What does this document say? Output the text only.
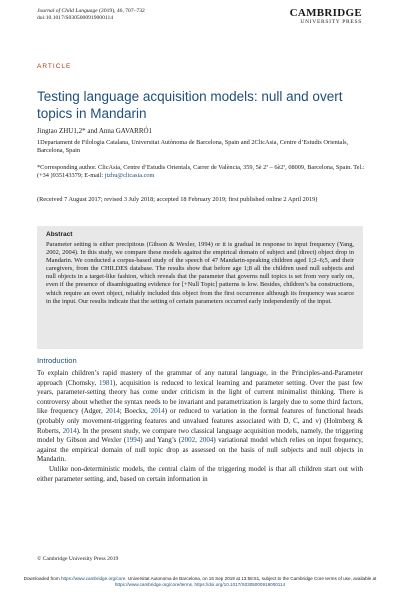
Journal of Child Language (2019), 46, 707–732
doi:10.1017/S0305000919000114	CAMBRIDGE
UNIVERSITY PRESS
ARTICLE
Testing language acquisition models: null and overt topics in Mandarin
Jingtao ZHU1,2* and Anna GAVARRÓ1
1Departament de Filologia Catalana, Universitat Autònoma de Barcelona, Spain and 2ClicAsia, Centre d’Estudis Orientals, Barcelona, Spain
*Corresponding author. ClicAsia, Centre d’Estudis Orientals, Carrer de València, 359, 5è 2ª – 6è2ª, 08009, Barcelona, Spain. Tel.: (+34 )935143379; E-mail: jtzhu@clicasia.com
(Received 7 August 2017; revised 3 July 2018; accepted 18 February 2019; first published online 2 April 2019)
Abstract
Parameter setting is either precipitous (Gibson & Wexler, 1994) or it is gradual in response to input frequency (Yang, 2002, 2004). In this study, we compare these models against the empirical domain of subject and (direct) object drop in Mandarin. We conducted a corpus-based study of the speech of 47 Mandarin-speaking children aged 1;2–6;5, and their caregivers, from the CHILDES database. The results show that before age 1;8 all the children used null subjects and null objects in a target-like fashion, which reveals that the parameter that governs null topics is set from very early on, even if the presence of disambiguating evidence for [+Null Topic] patterns is low. Besides, children’s ba constructions, which require an overt object, reliably included this object from the first occurrence although its frequency was scarce in the input. Our results indicate that the setting of certain parameters occurred early independently of the input.
Introduction

To explain children’s rapid mastery of the grammar of any natural language, in the Principles-and-Parameter approach (Chomsky, 1981), acquisition is reduced to lexical learning and parameter setting. Over the past few years, parameter-setting theory has come under criticism in the light of current minimalist thinking. There is controversy about whether the syntax needs to be invariant and parametrization is largely due to some third factors, like frequency (Adger, 2014; Boeckx, 2014) or reduced to variation in the formal features of functional heads (probably only movement-triggering features and unvalued features associated with D, C, and v) (Holmberg & Roberts, 2014). In the present study, we compare two classical language acquisition models, namely, the triggering model by Gibson and Wexler (1994) and Yang’s (2002, 2004) variational model which relies on input frequency, against the empirical domain of null topic drop as assessed on the basis of null subjects and null objects in Mandarin.

Unlike non-deterministic models, the central claim of the triggering model is that all children start out with either parameter setting, and, based on certain information in

© Cambridge University Press 2019
Downloaded from https://www.cambridge.org/core. Universitat Autonoma de Barcelona, on 16 Sep 2019 at 13:58:51, subject to the Cambridge Core terms of use, available at https://www.cambridge.org/core/terms. https://doi.org/10.1017/S0305000919000114
